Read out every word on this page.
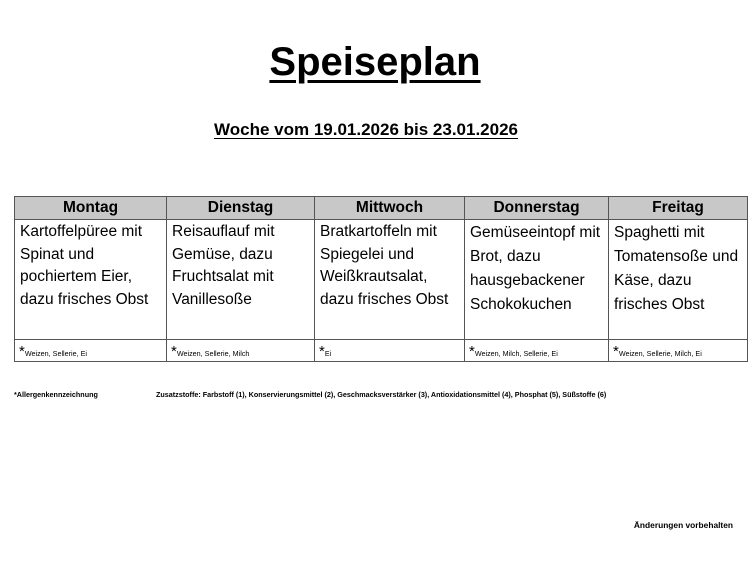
Speiseplan
Woche vom 19.01.2026 bis 23.01.2026
Montag	Dienstag	Mittwoch	Donnerstag	Freitag
Kartoffelpüree mit Spinat und pochiertem Eier, dazu frisches Obst	Reisauflauf mit Gemüse, dazu Fruchtsalat mit Vanillesoße	Bratkartoffeln mit Spiegelei und Weißkrautsalat, dazu frisches Obst	Gemüseeintopf mit Brot, dazu hausgebackener Schokokuchen	Spaghetti mit Tomatensoße und Käse, dazu frisches Obst
*Weizen, Sellerie, Ei	*Weizen, Sellerie, Milch	*Ei	*Weizen, Milch, Sellerie, Ei	*Weizen, Sellerie, Milch, Ei
*Allergenkennzeichnung	Zusatzstoffe: Farbstoff (1), Konservierungsmittel (2), Geschmacksverstärker (3), Antioxidationsmittel (4), Phosphat (5), Süßstoffe (6)
Änderungen vorbehalten
